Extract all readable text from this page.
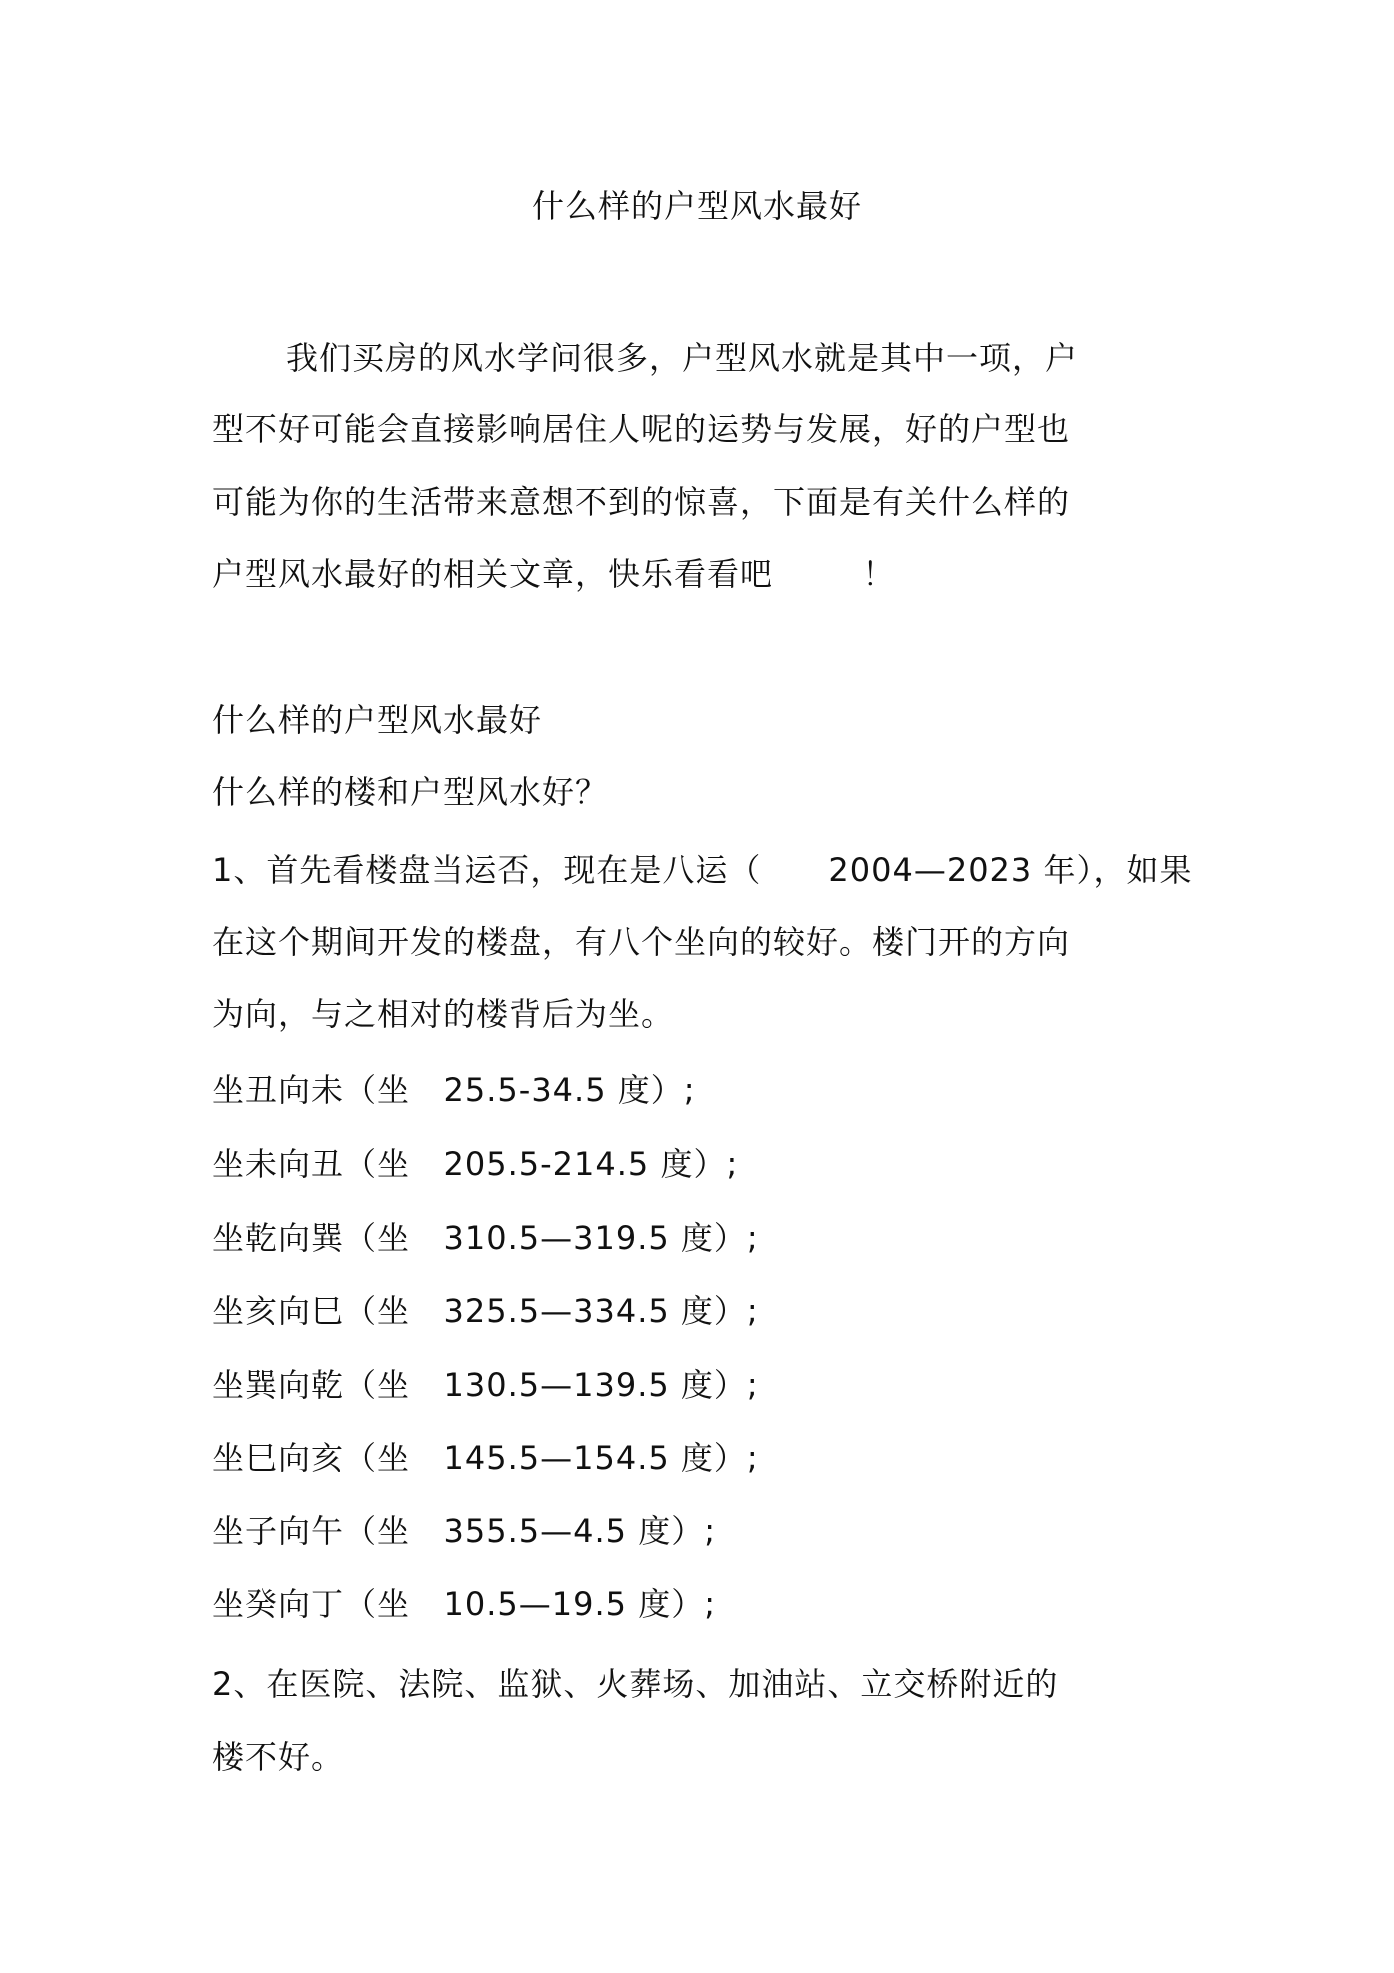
什么样的户型风水最好
我们买房的风水学问很多，户型风水就是其中一项，户
型不好可能会直接影响居住人呢的运势与发展，好的户型也
可能为你的生活带来意想不到的惊喜，下面是有关什么样的
户型风水最好的相关文章，快乐看看吧        ！
什么样的户型风水最好
什么样的楼和户型风水好？
1、首先看楼盘当运否，现在是八运（      2004—2023 年），如果
在这个期间开发的楼盘，有八个坐向的较好。楼门开的方向
为向，与之相对的楼背后为坐。
坐丑向未（坐   25.5-34.5 度）;
坐未向丑（坐   205.5-214.5 度）;
坐乾向巽（坐   310.5—319.5 度）;
坐亥向巳（坐   325.5—334.5 度）;
坐巽向乾（坐   130.5—139.5 度）;
坐巳向亥（坐   145.5—154.5 度）;
坐子向午（坐   355.5—4.5 度）;
坐癸向丁（坐   10.5—19.5 度）;
2、在医院、法院、监狱、火葬场、加油站、立交桥附近的
楼不好。
